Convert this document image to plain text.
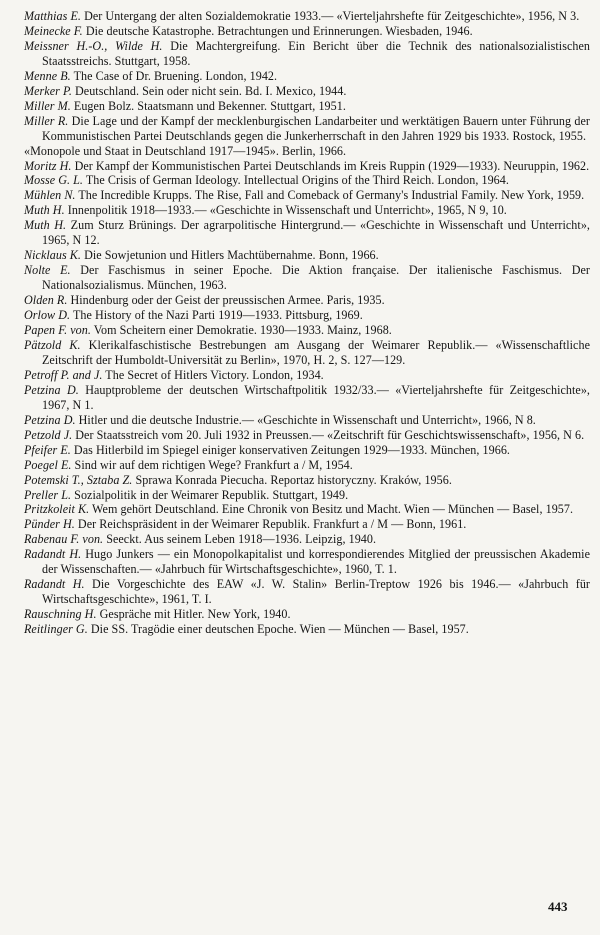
Matthias E. Der Untergang der alten Sozialdemokratie 1933.— «Vierteljahrshefte für Zeitgeschichte», 1956, N 3.
Meinecke F. Die deutsche Katastrophe. Betrachtungen und Erinnerungen. Wiesbaden, 1946.
Meissner H.-O., Wilde H. Die Machtergreifung. Ein Bericht über die Technik des nationalsozialistischen Staatsstreichs. Stuttgart, 1958.
Menne B. The Case of Dr. Bruening. London, 1942.
Merker P. Deutschland. Sein oder nicht sein. Bd. I. Mexico, 1944.
Miller M. Eugen Bolz. Staatsmann und Bekenner. Stuttgart, 1951.
Miller R. Die Lage und der Kampf der mecklenburgischen Landarbeiter und werktätigen Bauern unter Führung der Kommunistischen Partei Deutschlands gegen die Junkerherrschaft in den Jahren 1929 bis 1933. Rostock, 1955.
«Monopole und Staat in Deutschland 1917—1945». Berlin, 1966.
Moritz H. Der Kampf der Kommunistischen Partei Deutschlands im Kreis Ruppin (1929—1933). Neuruppin, 1962.
Mosse G. L. The Crisis of German Ideology. Intellectual Origins of the Third Reich. London, 1964.
Mühlen N. The Incredible Krupps. The Rise, Fall and Comeback of Germany's Industrial Family. New York, 1959.
Muth H. Innenpolitik 1918—1933.— «Geschichte in Wissenschaft und Unterricht», 1965, N 9, 10.
Muth H. Zum Sturz Brünings. Der agrarpolitische Hintergrund.— «Geschichte in Wissenschaft und Unterricht», 1965, N 12.
Nicklaus K. Die Sowjetunion und Hitlers Machtübernahme. Bonn, 1966.
Nolte E. Der Faschismus in seiner Epoche. Die Aktion française. Der italienische Faschismus. Der Nationalsozialismus. München, 1963.
Olden R. Hindenburg oder der Geist der preussischen Armee. Paris, 1935.
Orlow D. The History of the Nazi Parti 1919—1933. Pittsburg, 1969.
Papen F. von. Vom Scheitern einer Demokratie. 1930—1933. Mainz, 1968.
Pätzold K. Klerikalfaschistische Bestrebungen am Ausgang der Weimarer Republik.— «Wissenschaftliche Zeitschrift der Humboldt-Universität zu Berlin», 1970, H. 2, S. 127—129.
Petroff P. and J. The Secret of Hitlers Victory. London, 1934.
Petzina D. Hauptprobleme der deutschen Wirtschaftpolitik 1932/33.— «Vierteljahrshefte für Zeitgeschichte», 1967, N 1.
Petzina D. Hitler und die deutsche Industrie.— «Geschichte in Wissenschaft und Unterricht», 1966, N 8.
Petzold J. Der Staatsstreich vom 20. Juli 1932 in Preussen.— «Zeitschrift für Geschichtswissenschaft», 1956, N 6.
Pfeifer E. Das Hitlerbild im Spiegel einiger konservativen Zeitungen 1929—1933. München, 1966.
Poegel E. Sind wir auf dem richtigen Wege? Frankfurt a / M, 1954.
Potemski T., Sztaba Z. Sprawa Konrada Piecucha. Reportaz historyczny. Kraków, 1956.
Preller L. Sozialpolitik in der Weimarer Republik. Stuttgart, 1949.
Pritzkoleit K. Wem gehört Deutschland. Eine Chronik von Besitz und Macht. Wien — München — Basel, 1957.
Pünder H. Der Reichspräsident in der Weimarer Republik. Frankfurt a / M — Bonn, 1961.
Rabenau F. von. Seeckt. Aus seinem Leben 1918—1936. Leipzig, 1940.
Radandt H. Hugo Junkers — ein Monopolkapitalist und korrespondierendes Mitglied der preussischen Akademie der Wissenschaften.— «Jahrbuch für Wirtschaftsgeschichte», 1960, T. 1.
Radandt H. Die Vorgeschichte des EAW «J. W. Stalin» Berlin-Treptow 1926 bis 1946.— «Jahrbuch für Wirtschaftsgeschichte», 1961, T. I.
Rauschning H. Gespräche mit Hitler. New York, 1940.
Reitlinger G. Die SS. Tragödie einer deutschen Epoche. Wien — München — Basel, 1957.
443
